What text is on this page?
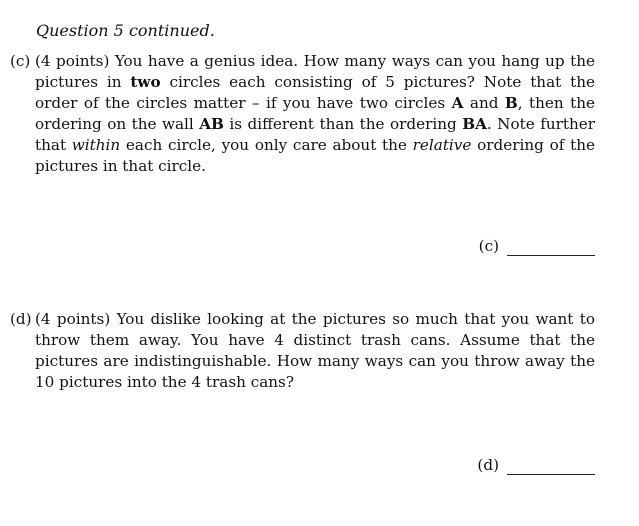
Question 5 continued.
(c) (4 points) You have a genius idea. How many ways can you hang up the pictures in two circles each consisting of 5 pictures? Note that the order of the circles matter – if you have two circles A and B, then the ordering on the wall AB is different than the ordering BA. Note further that within each circle, you only care about the relative ordering of the pictures in that circle.

(c)
(d) (4 points) You dislike looking at the pictures so much that you want to throw them away. You have 4 distinct trash cans. Assume that the pictures are indistinguishable. How many ways can you throw away the 10 pictures into the 4 trash cans?

(d)
